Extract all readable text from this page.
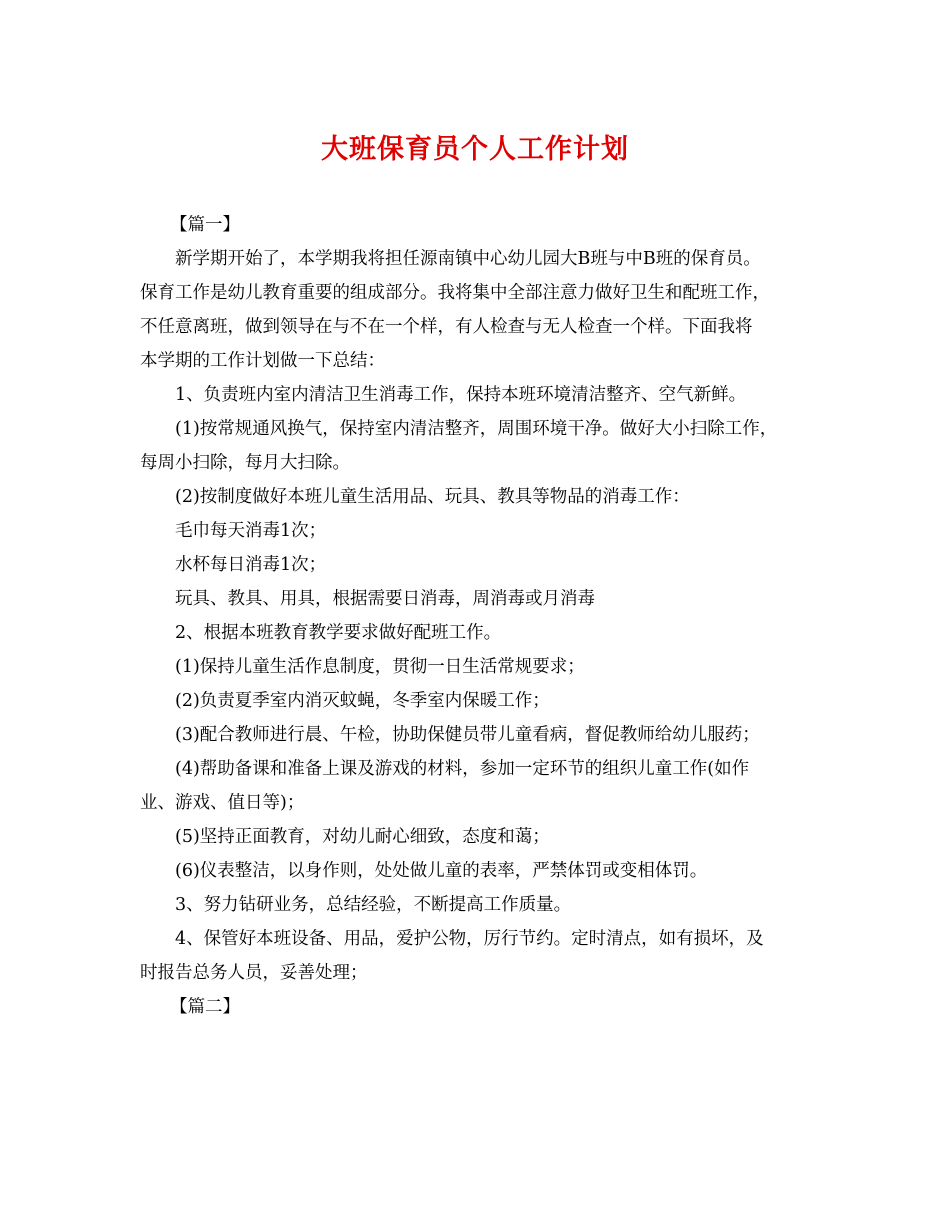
大班保育员个人工作计划
【篇一】
新学期开始了，本学期我将担任源南镇中心幼儿园大B班与中B班的保育员。
保育工作是幼儿教育重要的组成部分。我将集中全部注意力做好卫生和配班工作，
不任意离班，做到领导在与不在一个样，有人检查与无人检查一个样。下面我将
本学期的工作计划做一下总结：
1、负责班内室内清洁卫生消毒工作，保持本班环境清洁整齐、空气新鲜。
(1)按常规通风换气，保持室内清洁整齐，周围环境干净。做好大小扫除工作，
每周小扫除，每月大扫除。
(2)按制度做好本班儿童生活用品、玩具、教具等物品的消毒工作：
毛巾每天消毒1次；
水杯每日消毒1次；
玩具、教具、用具，根据需要日消毒，周消毒或月消毒
2、根据本班教育教学要求做好配班工作。
(1)保持儿童生活作息制度，贯彻一日生活常规要求；
(2)负责夏季室内消灭蚊蝇，冬季室内保暖工作；
(3)配合教师进行晨、午检，协助保健员带儿童看病，督促教师给幼儿服药；
(4)帮助备课和准备上课及游戏的材料，参加一定环节的组织儿童工作(如作
业、游戏、值日等)；
(5)坚持正面教育，对幼儿耐心细致，态度和蔼；
(6)仪表整洁，以身作则，处处做儿童的表率，严禁体罚或变相体罚。
3、努力钻研业务，总结经验，不断提高工作质量。
4、保管好本班设备、用品，爱护公物，厉行节约。定时清点，如有损坏，及
时报告总务人员，妥善处理；
【篇二】
